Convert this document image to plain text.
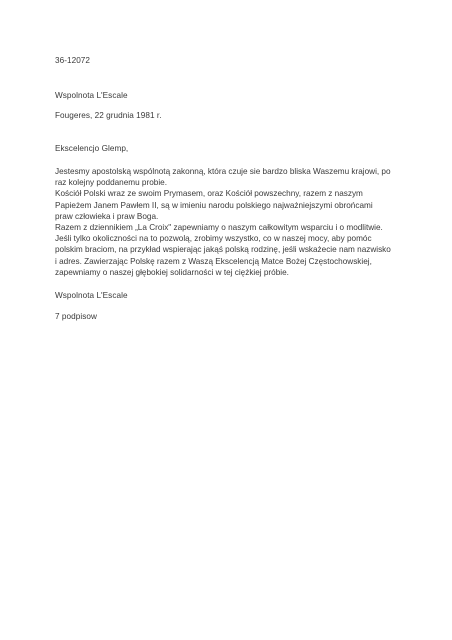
36-12072
Wspolnota L'Escale
Fougeres, 22 grudnia 1981 r.
Ekscelencjo Glemp,
Jestesmy apostolską wspólnotą zakonną, która czuje sie bardzo bliska Waszemu krajowi, po
raz kolejny poddanemu probie.
Kościół Polski wraz ze swoim Prymasem, oraz Kościół powszechny, razem z naszym
Papieżem Janem Pawłem II, są w imieniu narodu polskiego najważniejszymi obrońcami
praw człowieka i praw Boga.
Razem z dziennikiem „La Croix" zapewniamy o naszym całkowitym wsparciu i o modlitwie.
Jeśli tylko okoliczności na to pozwolą, zrobimy wszystko, co w naszej mocy, aby pomóc
polskim braciom, na przykład wspierając jakąś polską rodzinę, jeśli wskażecie nam nazwisko
i adres. Zawierzając Polskę razem z Waszą Ekscelencją Matce Bożej Częstochowskiej,
zapewniamy o naszej głębokiej solidarności w tej ciężkiej próbie.
Wspolnota L'Escale
7 podpisow
